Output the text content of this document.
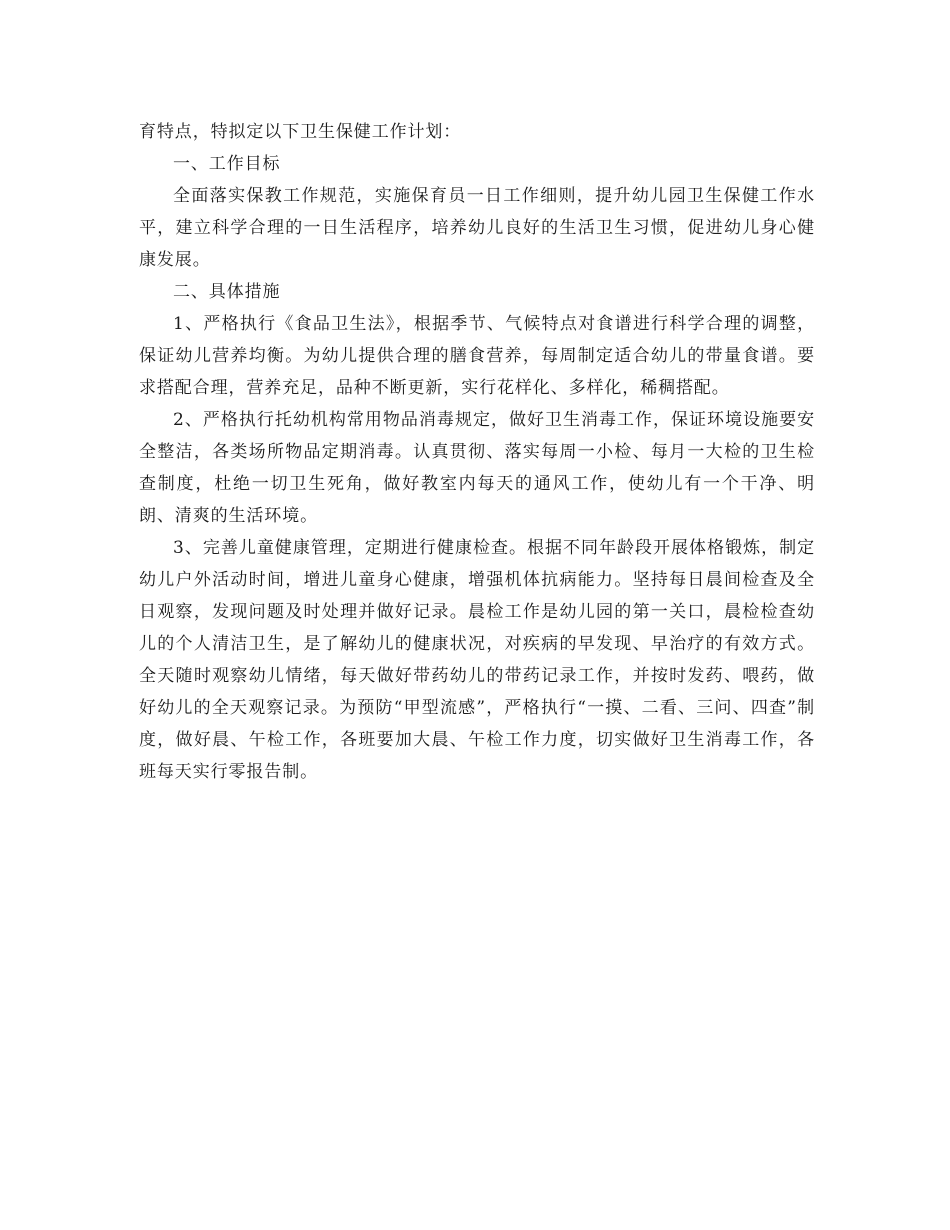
育特点，特拟定以下卫生保健工作计划：

一、工作目标

全面落实保教工作规范，实施保育员一日工作细则，提升幼儿园卫生保健工作水平，建立科学合理的一日生活程序，培养幼儿良好的生活卫生习惯，促进幼儿身心健康发展。

二、具体措施

1、严格执行《食品卫生法》，根据季节、气候特点对食谱进行科学合理的调整，保证幼儿营养均衡。为幼儿提供合理的膳食营养，每周制定适合幼儿的带量食谱。要求搭配合理，营养充足，品种不断更新，实行花样化、多样化，稀稠搭配。

2、严格执行托幼机构常用物品消毒规定，做好卫生消毒工作，保证环境设施要安全整洁，各类场所物品定期消毒。认真贯彻、落实每周一小检、每月一大检的卫生检查制度，杜绝一切卫生死角，做好教室内每天的通风工作，使幼儿有一个干净、明朗、清爽的生活环境。

3、完善儿童健康管理，定期进行健康检查。根据不同年龄段开展体格锻炼，制定幼儿户外活动时间，增进儿童身心健康，增强机体抗病能力。坚持每日晨间检查及全日观察，发现问题及时处理并做好记录。晨检工作是幼儿园的第一关口，晨检检查幼儿的个人清洁卫生，是了解幼儿的健康状况，对疾病的早发现、早治疗的有效方式。全天随时观察幼儿情绪，每天做好带药幼儿的带药记录工作，并按时发药、喂药，做好幼儿的全天观察记录。为预防“甲型流感”，严格执行“一摸、二看、三问、四查”制度，做好晨、午检工作，各班要加大晨、午检工作力度，切实做好卫生消毒工作，各班每天实行零报告制。
